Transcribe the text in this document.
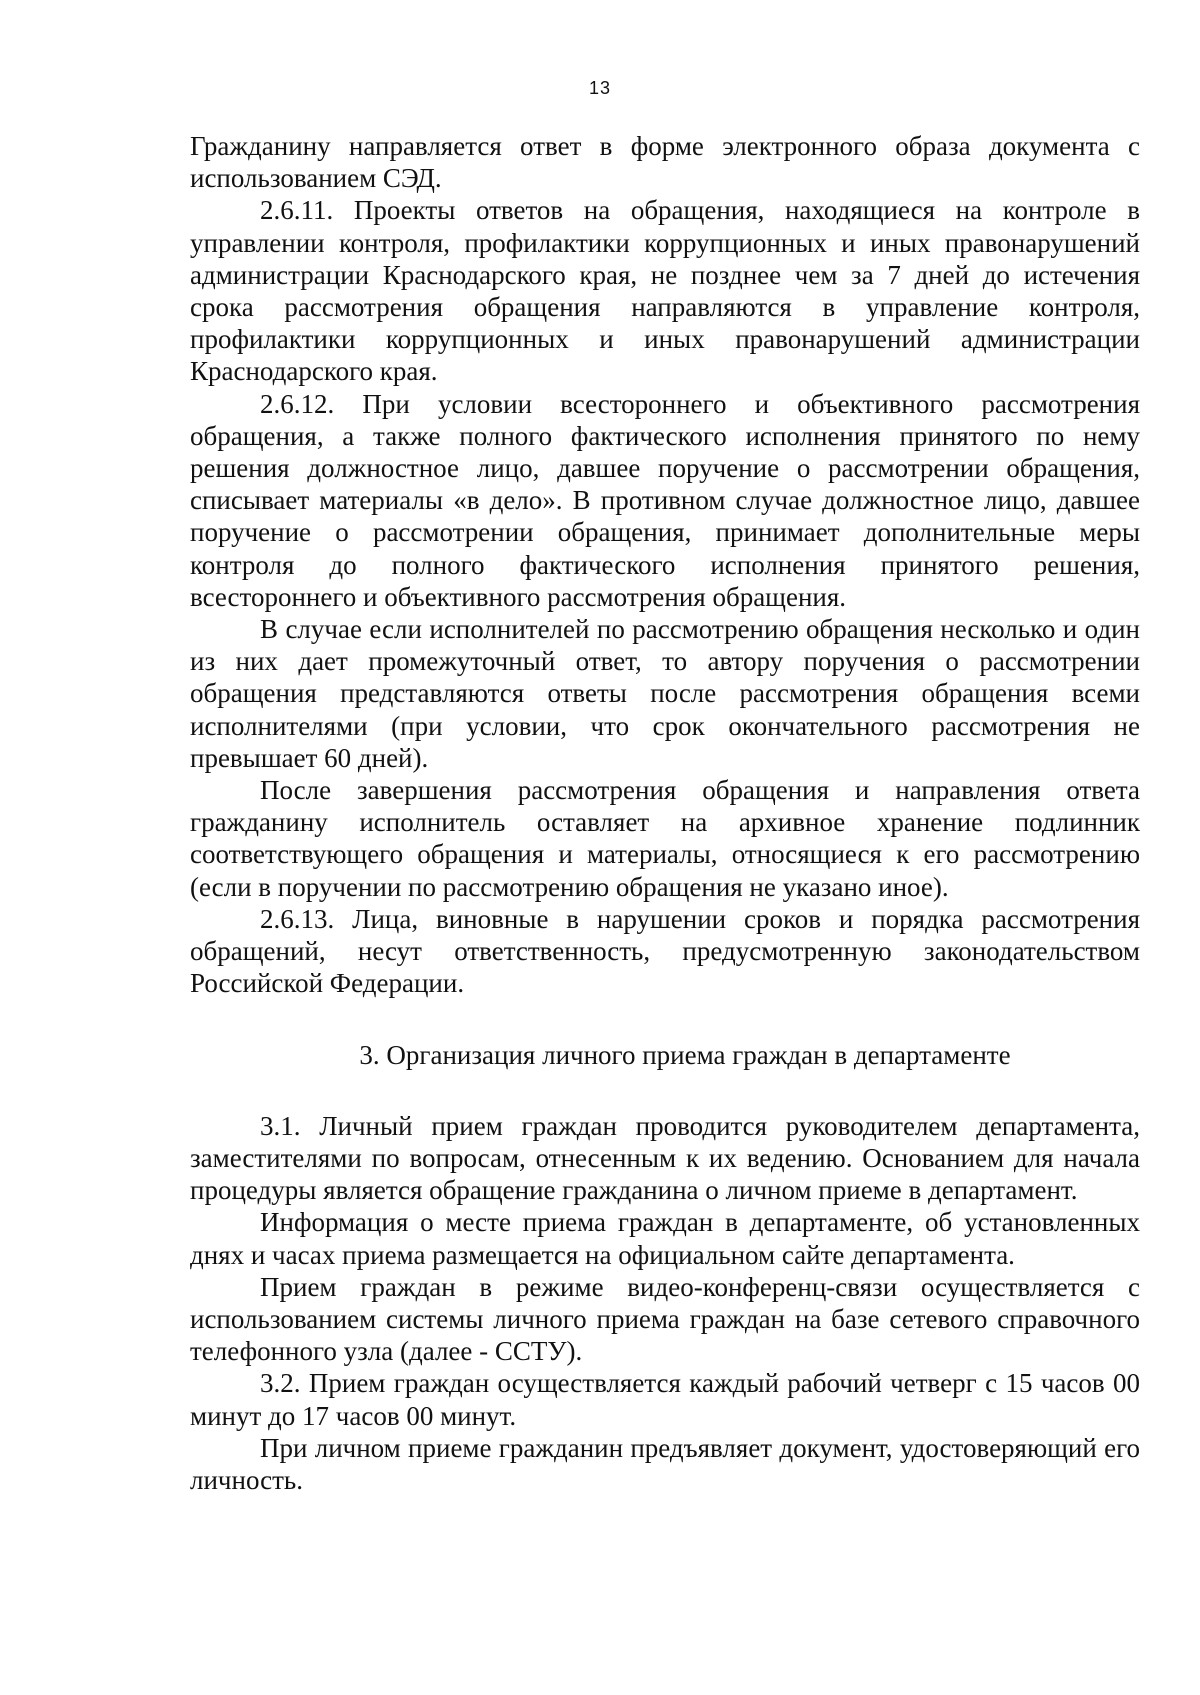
13

Гражданину направляется ответ в форме электронного образа документа с использованием СЭД.

2.6.11. Проекты ответов на обращения, находящиеся на контроле в управлении контроля, профилактики коррупционных и иных правонарушений администрации Краснодарского края, не позднее чем за 7 дней до истечения срока рассмотрения обращения направляются в управление контроля, профилактики коррупционных и иных правонарушений администрации Краснодарского края.

2.6.12. При условии всестороннего и объективного рассмотрения обращения, а также полного фактического исполнения принятого по нему решения должностное лицо, давшее поручение о рассмотрении обращения, списывает материалы «в дело». В противном случае должностное лицо, давшее поручение о рассмотрении обращения, принимает дополнительные меры контроля до полного фактического исполнения принятого решения, всестороннего и объективного рассмотрения обращения.

В случае если исполнителей по рассмотрению обращения несколько и один из них дает промежуточный ответ, то автору поручения о рассмотрении обращения представляются ответы после рассмотрения обращения всеми исполнителями (при условии, что срок окончательного рассмотрения не превышает 60 дней).

После завершения рассмотрения обращения и направления ответа гражданину исполнитель оставляет на архивное хранение подлинник соответствующего обращения и материалы, относящиеся к его рассмотрению (если в поручении по рассмотрению обращения не указано иное).

2.6.13. Лица, виновные в нарушении сроков и порядка рассмотрения обращений, несут ответственность, предусмотренную законодательством Российской Федерации.

3. Организация личного приема граждан в департаменте

3.1. Личный прием граждан проводится руководителем департамента, заместителями по вопросам, отнесенным к их ведению. Основанием для начала процедуры является обращение гражданина о личном приеме в департамент.

Информация о месте приема граждан в департаменте, об установленных днях и часах приема размещается на официальном сайте департамента.

Прием граждан в режиме видео-конференц-связи осуществляется с использованием системы личного приема граждан на базе сетевого справочного телефонного узла (далее - ССТУ).

3.2. Прием граждан осуществляется каждый рабочий четверг с 15 часов 00 минут до 17 часов 00 минут.

При личном приеме гражданин предъявляет документ, удостоверяющий его личность.
